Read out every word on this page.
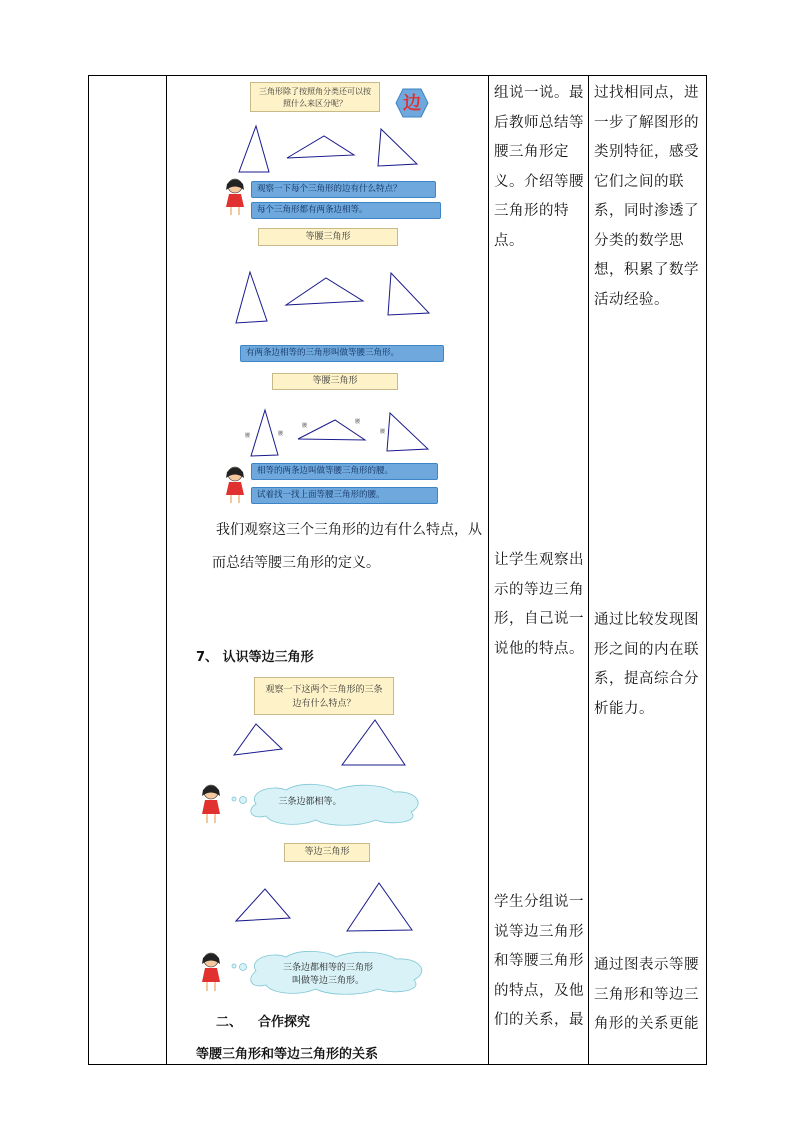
三角形除了按照角分类还可以按照什么来区分呢？	边
观察一下每个三角形的边有什么特点？
每个三角形都有两条边相等。
等腰三角形
有两条边相等的三角形叫做等腰三角形。
等腰三角形
腰	腰
腰
腰
腰
相等的两条边叫做等腰三角形的腰。
试着找一找上面等腰三角形的腰。
我们观察这三个三角形的边有什么特点，从而总结等腰三角形的定义。
7、 认识等边三角形
观察一下这两个三角形的三条边有什么特点？
三条边都相等。
等边三角形
三条边都相等的三角形叫做等边三角形。
二、 合作探究
等腰三角形和等边三角形的关系
组说一说。最后教师总结等腰三角形定义。介绍等腰三角形的特点。
让学生观察出示的等边三角形，自己说一说他的特点。
学生分组说一说等边三角形和等腰三角形的特点，及他们的关系，最
过找相同点，进一步了解图形的类别特征，感受它们之间的联系，同时渗透了分类的数学思想，积累了数学活动经验。
通过比较发现图形之间的内在联系，提高综合分析能力。
通过图表示等腰三角形和等边三角形的关系更能
